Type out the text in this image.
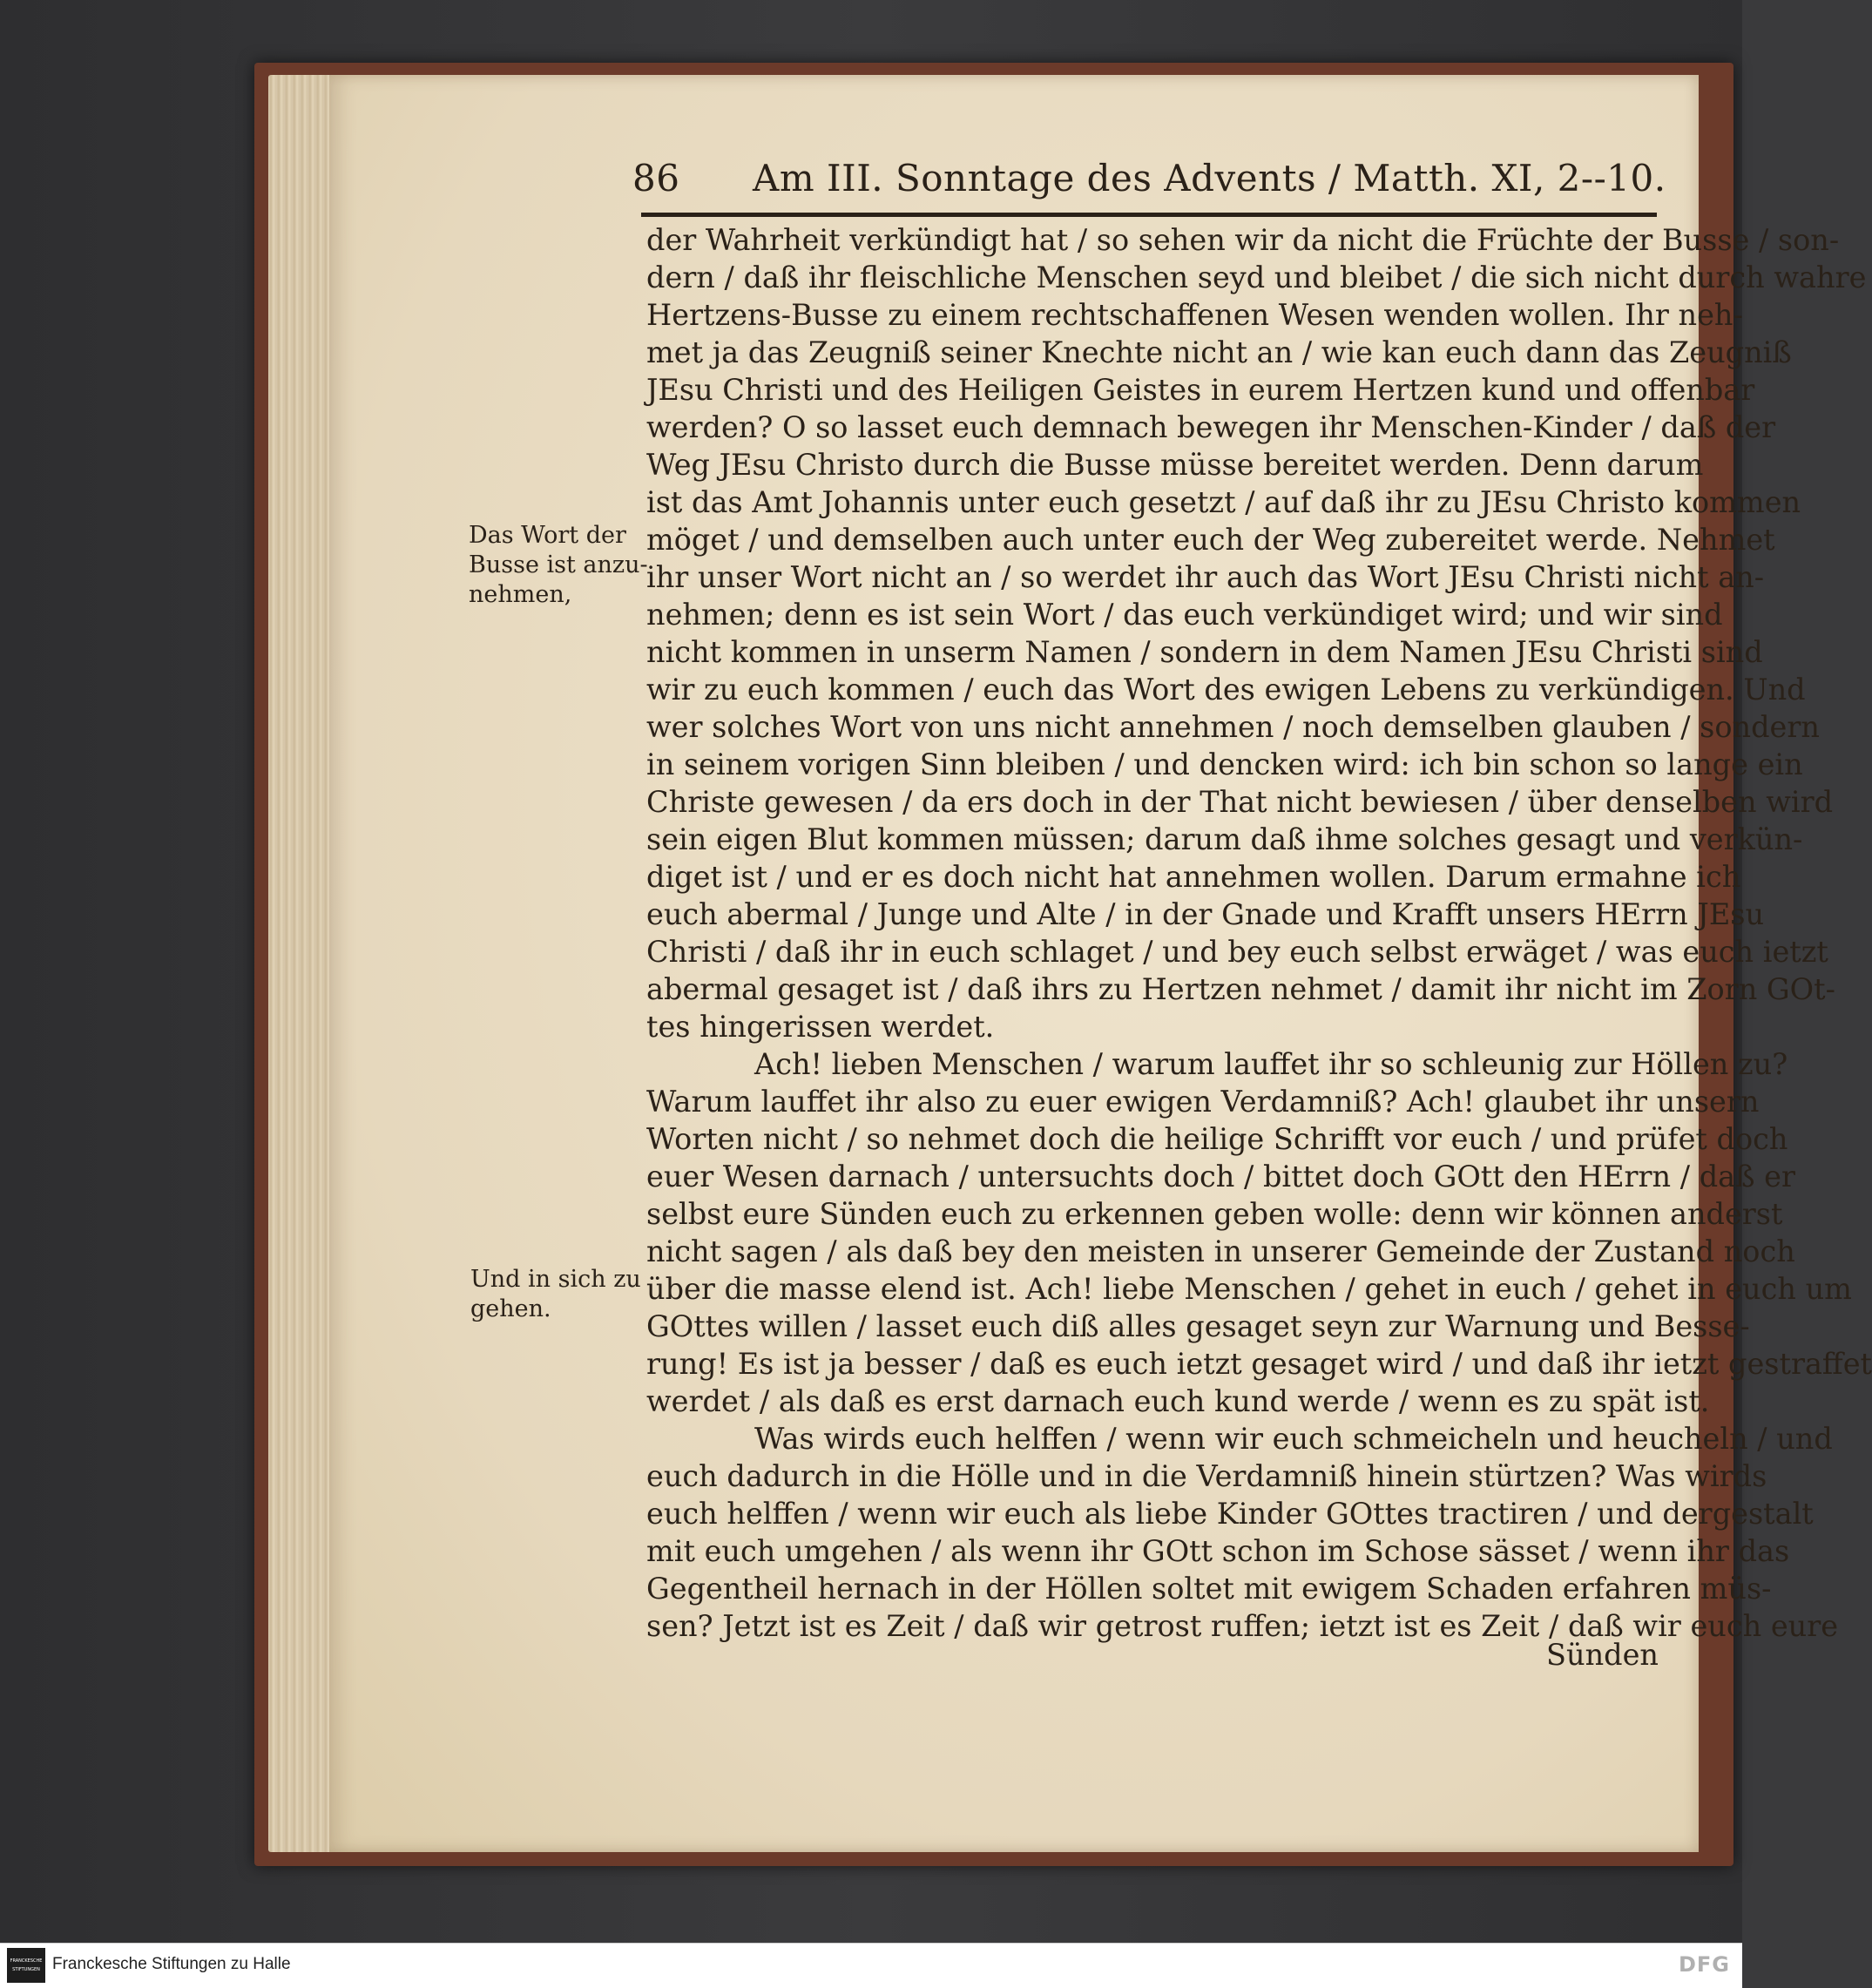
86 Am III. Sonntage des Advents / Matth. XI, 2--10.
Das Wort der
Busse ist anzu-
nehmen,
Und in sich zu
gehen.
der Wahrheit verkündigt hat / so sehen wir da nicht die Früchte der Busse / son-
dern / daß ihr fleischliche Menschen seyd und bleibet / die sich nicht durch wahre
Hertzens-Busse zu einem rechtschaffenen Wesen wenden wollen. Ihr neh-
met ja das Zeugniß seiner Knechte nicht an / wie kan euch dann das Zeugniß
JEsu Christi und des Heiligen Geistes in eurem Hertzen kund und offenbar
werden? O so lasset euch demnach bewegen ihr Menschen-Kinder / daß der
Weg JEsu Christo durch die Busse müsse bereitet werden. Denn darum
ist das Amt Johannis unter euch gesetzt / auf daß ihr zu JEsu Christo kommen
möget / und demselben auch unter euch der Weg zubereitet werde. Nehmet
ihr unser Wort nicht an / so werdet ihr auch das Wort JEsu Christi nicht an-
nehmen; denn es ist sein Wort / das euch verkündiget wird; und wir sind
nicht kommen in unserm Namen / sondern in dem Namen JEsu Christi sind
wir zu euch kommen / euch das Wort des ewigen Lebens zu verkündigen. Und
wer solches Wort von uns nicht annehmen / noch demselben glauben / sondern
in seinem vorigen Sinn bleiben / und dencken wird: ich bin schon so lange ein
Christe gewesen / da ers doch in der That nicht bewiesen / über denselben wird
sein eigen Blut kommen müssen; darum daß ihme solches gesagt und verkün-
diget ist / und er es doch nicht hat annehmen wollen. Darum ermahne ich
euch abermal / Junge und Alte / in der Gnade und Krafft unsers HErrn JEsu
Christi / daß ihr in euch schlaget / und bey euch selbst erwäget / was euch ietzt
abermal gesaget ist / daß ihrs zu Hertzen nehmet / damit ihr nicht im Zorn GOt-
tes hingerissen werdet.
Ach! lieben Menschen / warum lauffet ihr so schleunig zur Höllen zu?
Warum lauffet ihr also zu euer ewigen Verdamniß? Ach! glaubet ihr unsern
Worten nicht / so nehmet doch die heilige Schrifft vor euch / und prüfet doch
euer Wesen darnach / untersuchts doch / bittet doch GOtt den HErrn / daß er
selbst eure Sünden euch zu erkennen geben wolle: denn wir können anderst
nicht sagen / als daß bey den meisten in unserer Gemeinde der Zustand noch
über die masse elend ist. Ach! liebe Menschen / gehet in euch / gehet in euch um
GOttes willen / lasset euch diß alles gesaget seyn zur Warnung und Besse-
rung! Es ist ja besser / daß es euch ietzt gesaget wird / und daß ihr ietzt gestraffet
werdet / als daß es erst darnach euch kund werde / wenn es zu spät ist.
Was wirds euch helffen / wenn wir euch schmeicheln und heucheln / und
euch dadurch in die Hölle und in die Verdamniß hinein stürtzen? Was wirds
euch helffen / wenn wir euch als liebe Kinder GOttes tractiren / und dergestalt
mit euch umgehen / als wenn ihr GOtt schon im Schose sässet / wenn ihr das
Gegentheil hernach in der Höllen soltet mit ewigem Schaden erfahren müs-
sen? Jetzt ist es Zeit / daß wir getrost ruffen; ietzt ist es Zeit / daß wir euch eure
Sünden
FRANCKESCHE STIFTUNGEN Franckesche Stiftungen zu Halle	DFG
